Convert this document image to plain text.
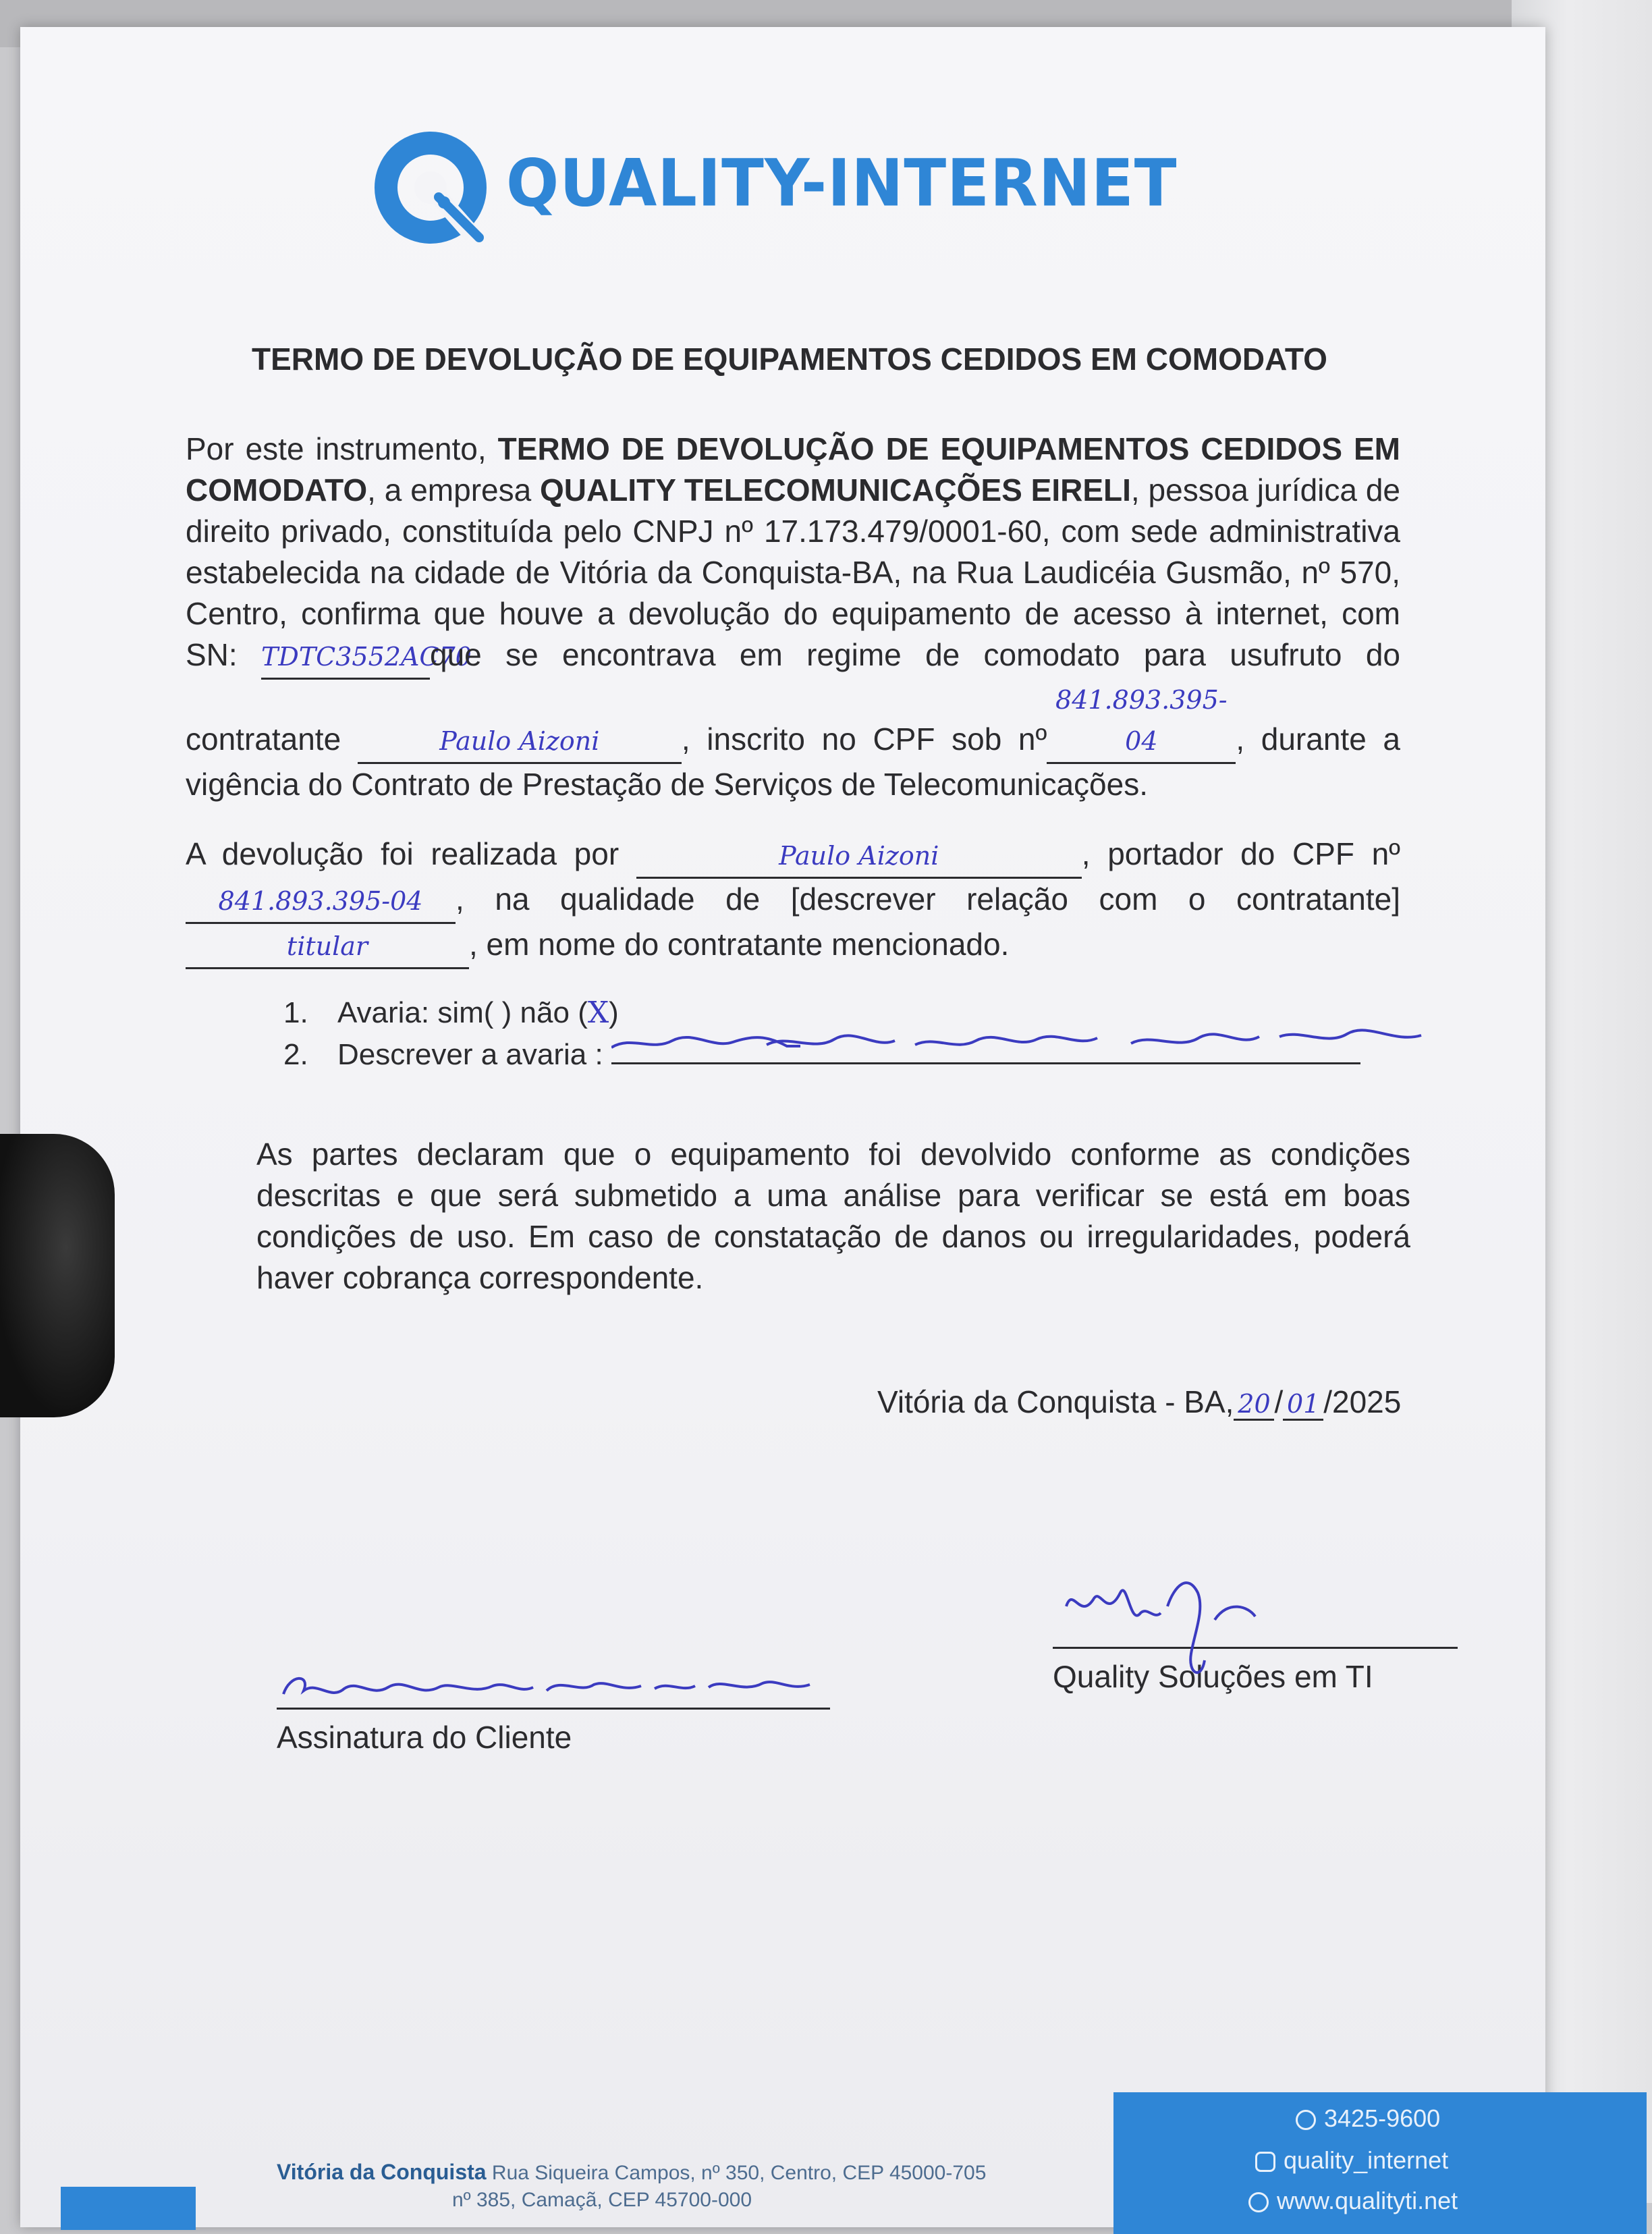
QUALITY-INTERNET
TERMO DE DEVOLUÇÃO DE EQUIPAMENTOS CEDIDOS EM COMODATO
Por este instrumento, TERMO DE DEVOLUÇÃO DE EQUIPAMENTOS CEDIDOS EM COMODATO, a empresa QUALITY TELECOMUNICAÇÕES EIRELI, pessoa jurídica de direito privado, constituída pelo CNPJ nº 17.173.479/0001-60, com sede administrativa estabelecida na cidade de Vitória da Conquista-BA, na Rua Laudicéia Gusmão, nº 570, Centro, confirma que houve a devolução do equipamento de acesso à internet, com SN: TDTC3552AC70que se encontrava em regime de comodato para usufruto do contratante	Paulo Aizoni	, inscrito no CPF sob nº841.893.395-04	, durante a vigência do Contrato de Prestação de Serviços de Telecomunicações.
A devolução foi realizada por	Paulo Aizoni	, portador do CPF nº 841.893.395-04 , na qualidade de [descrever relação com o contratante]titular	, em nome do contratante mencionado.
1. Avaria: sim( ) não (X)
2. Descrever a avaria :
As partes declaram que o equipamento foi devolvido conforme as condições descritas e que será submetido a uma análise para verificar se está em boas condições de uso. Em caso de constatação de danos ou irregularidades, poderá haver cobrança correspondente.
Vitória da Conquista - BA, 20 / 01 /2025
Assinatura do Cliente
Quality Soluções em TI
Vitória da Conquista Rua Siqueira Campos, nº 350, Centro, CEP 45000-705
nº 385, Camaçã, CEP 45700-000
3425-9600
quality_internet
www.qualityti.net
